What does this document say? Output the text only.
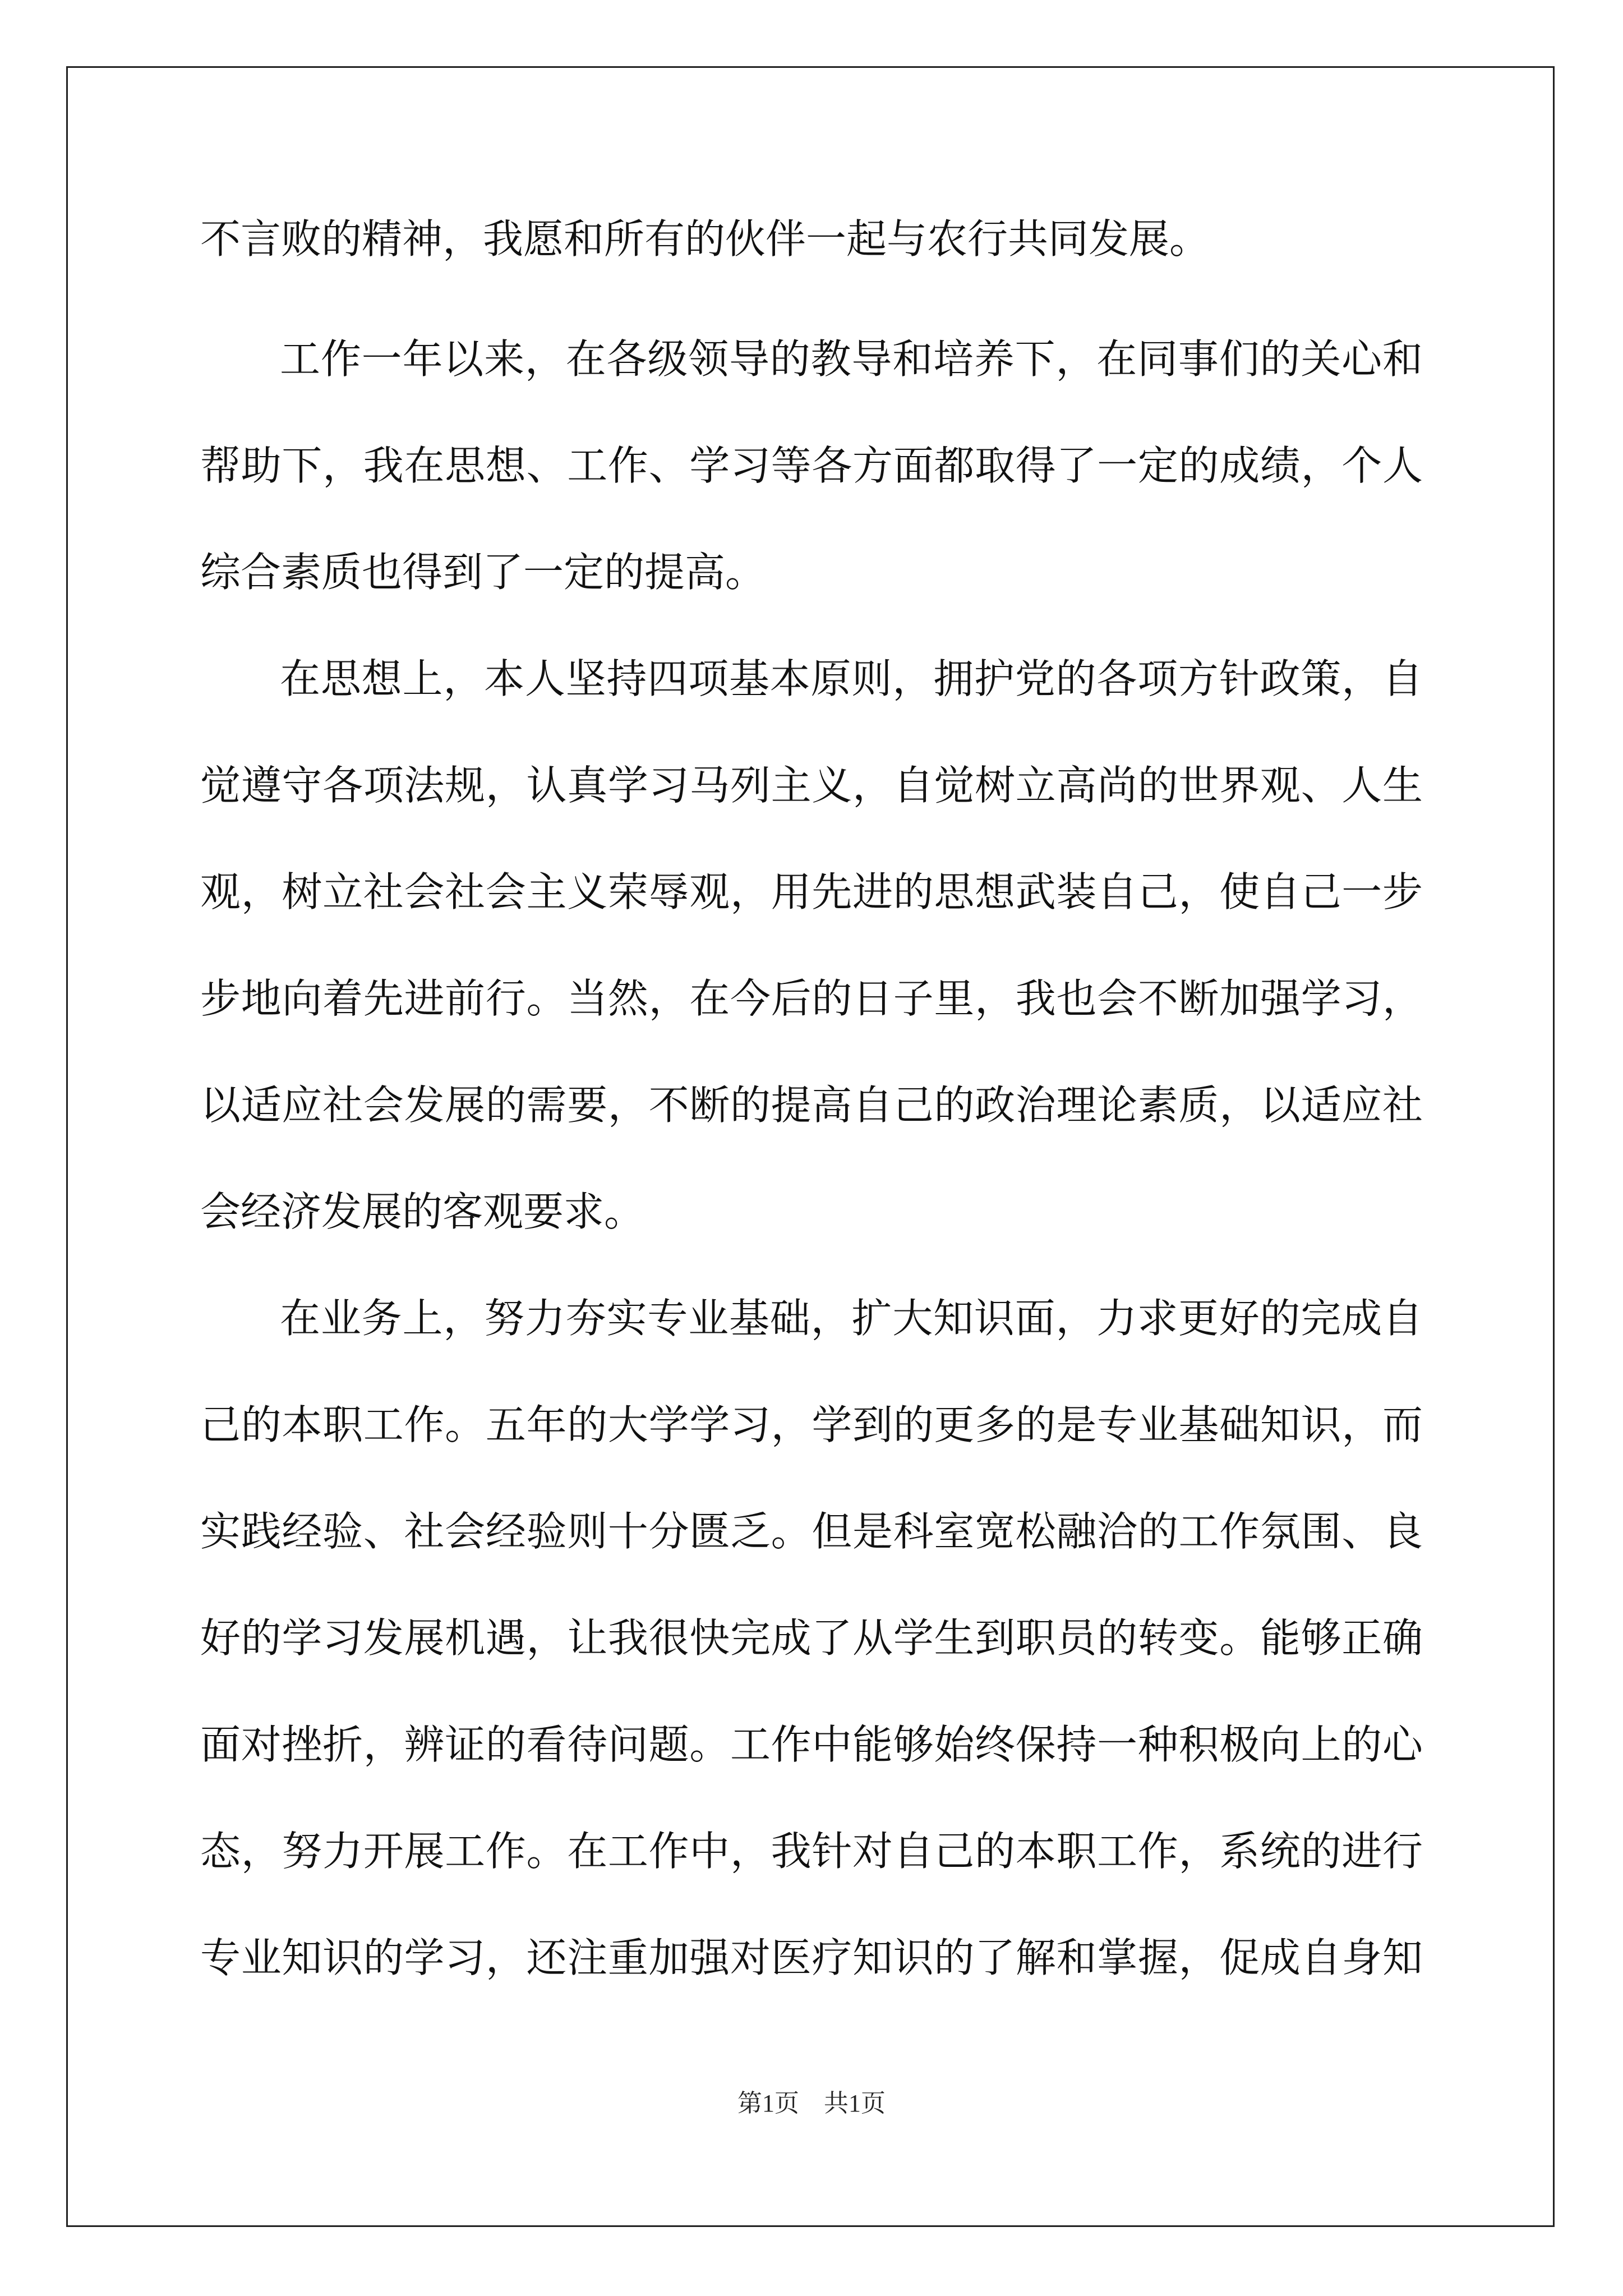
不言败的精神，我愿和所有的伙伴一起与农行共同发展。
工作一年以来，在各级领导的教导和培养下，在同事们的关心和
帮助下，我在思想、工作、学习等各方面都取得了一定的成绩，个人
综合素质也得到了一定的提高。
在思想上，本人坚持四项基本原则，拥护党的各项方针政策，自
觉遵守各项法规，认真学习马列主义，自觉树立高尚的世界观、人生
观，树立社会社会主义荣辱观，用先进的思想武装自己，使自己一步
步地向着先进前行。当然，在今后的日子里，我也会不断加强学习，
以适应社会发展的需要，不断的提高自己的政治理论素质，以适应社
会经济发展的客观要求。
在业务上，努力夯实专业基础，扩大知识面，力求更好的完成自
己的本职工作。五年的大学学习，学到的更多的是专业基础知识，而
实践经验、社会经验则十分匮乏。但是科室宽松融洽的工作氛围、良
好的学习发展机遇，让我很快完成了从学生到职员的转变。能够正确
面对挫折，辨证的看待问题。工作中能够始终保持一种积极向上的心
态，努力开展工作。在工作中，我针对自己的本职工作，系统的进行
专业知识的学习，还注重加强对医疗知识的了解和掌握，促成自身知
第1页　共1页
